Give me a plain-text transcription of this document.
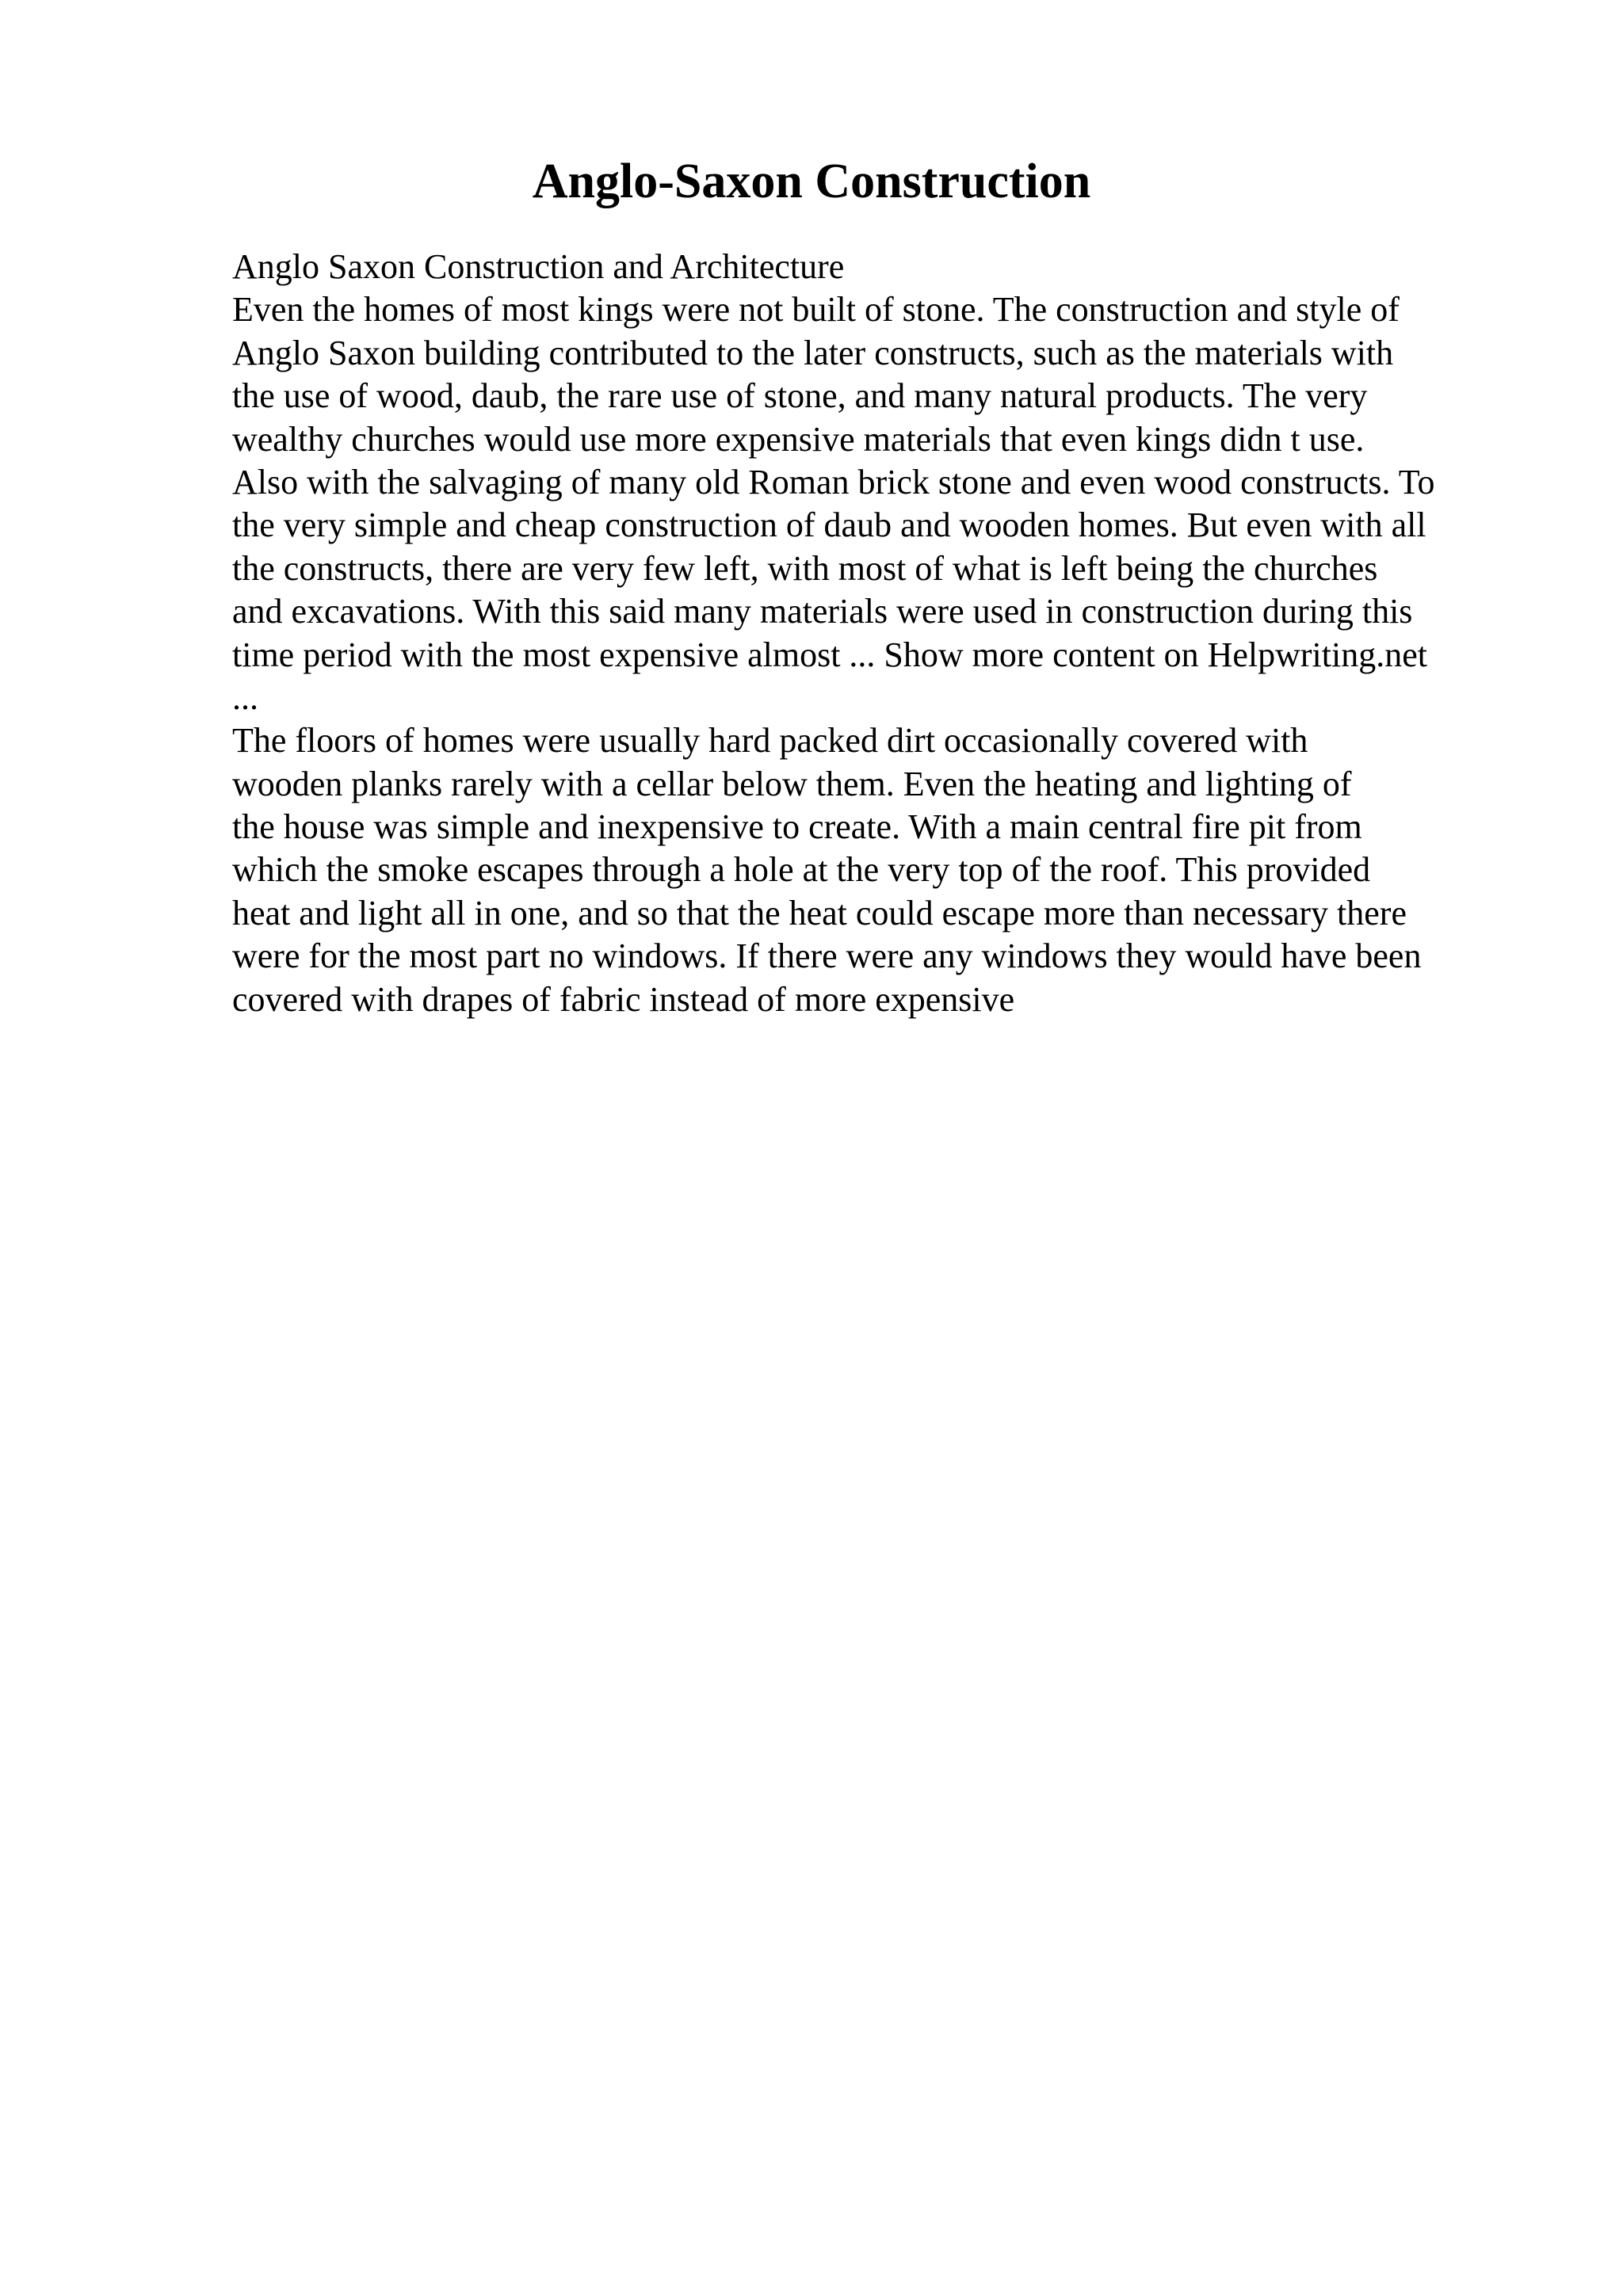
Anglo-Saxon Construction
Anglo Saxon Construction and Architecture
Even the homes of most kings were not built of stone. The construction and style of
Anglo Saxon building contributed to the later constructs, such as the materials with
the use of wood, daub, the rare use of stone, and many natural products. The very
wealthy churches would use more expensive materials that even kings didn t use.
Also with the salvaging of many old Roman brick stone and even wood constructs. To
the very simple and cheap construction of daub and wooden homes. But even with all
the constructs, there are very few left, with most of what is left being the churches
and excavations. With this said many materials were used in construction during this
time period with the most expensive almost ... Show more content on Helpwriting.net
...
The floors of homes were usually hard packed dirt occasionally covered with
wooden planks rarely with a cellar below them. Even the heating and lighting of
the house was simple and inexpensive to create. With a main central fire pit from
which the smoke escapes through a hole at the very top of the roof. This provided
heat and light all in one, and so that the heat could escape more than necessary there
were for the most part no windows. If there were any windows they would have been
covered with drapes of fabric instead of more expensive
